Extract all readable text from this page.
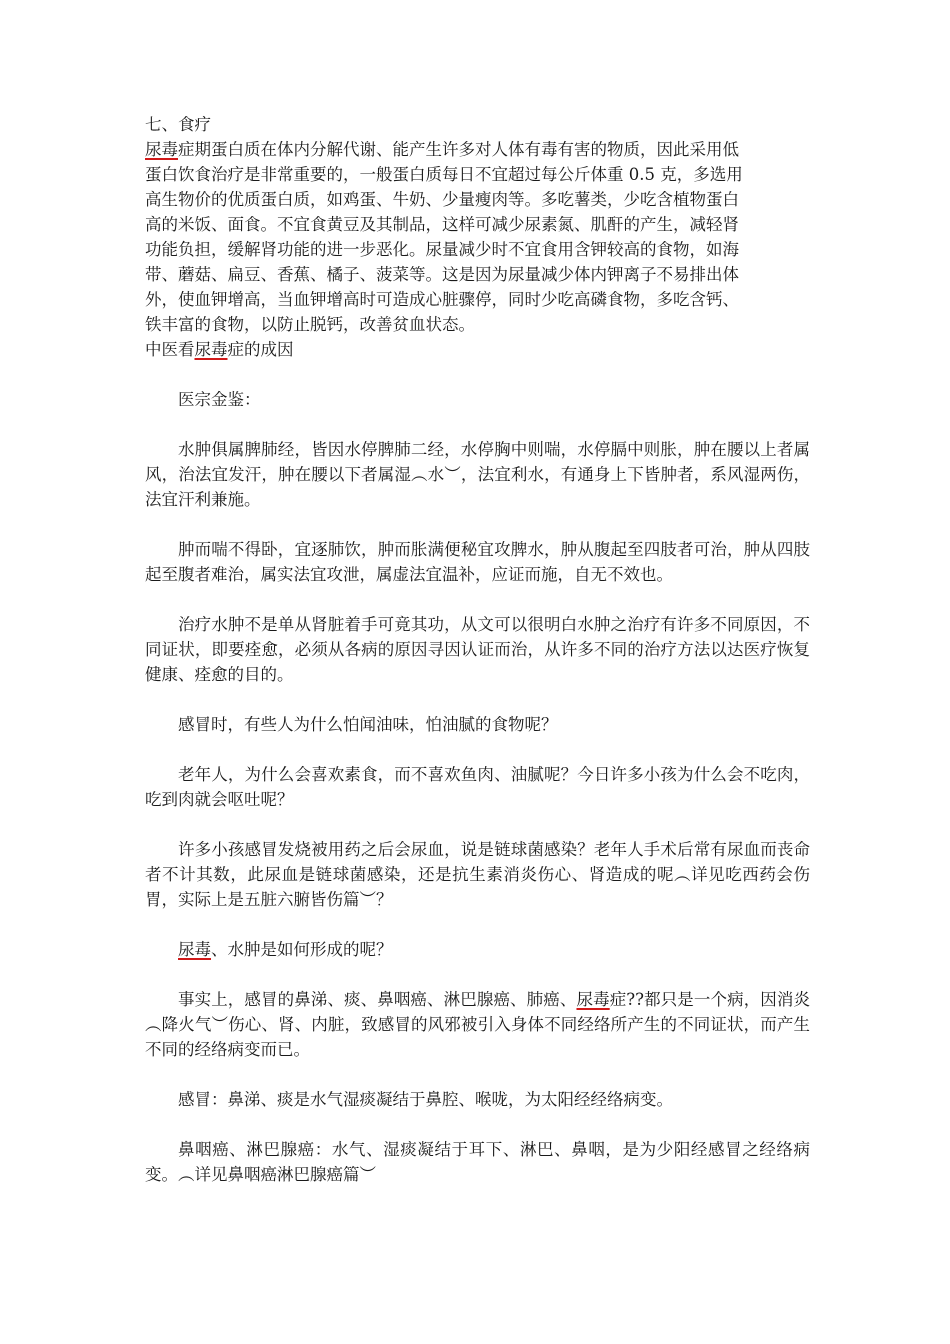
七、食疗
尿毒症期蛋白质在体内分解代谢、能产生许多对人体有毒有害的物质，因此采用低
蛋白饮食治疗是非常重要的，一般蛋白质每日不宜超过每公斤体重 0.5 克，多选用
高生物价的优质蛋白质，如鸡蛋、牛奶、少量瘦肉等。多吃薯类，少吃含植物蛋白
高的米饭、面食。不宜食黄豆及其制品，这样可减少尿素氮、肌酐的产生，减轻肾
功能负担，缓解肾功能的进一步恶化。尿量减少时不宜食用含钾较高的食物，如海
带、蘑菇、扁豆、香蕉、橘子、菠菜等。这是因为尿量减少体内钾离子不易排出体
外，使血钾增高，当血钾增高时可造成心脏骤停，同时少吃高磷食物，多吃含钙、
铁丰富的食物，以防止脱钙，改善贫血状态。
中医看尿毒症的成因
医宗金鉴：
水肿俱属脾肺经，皆因水停脾肺二经，水停胸中则喘，水停膈中则胀，肿在腰以上者属风，治法宜发汗，肿在腰以下者属湿︵水︶，法宜利水，有通身上下皆肿者，系风湿两伤，法宜汗利兼施。
肿而喘不得卧，宜逐肺饮，肿而胀满便秘宜攻脾水，肿从腹起至四肢者可治，肿从四肢起至腹者难治，属实法宜攻泄，属虚法宜温补，应证而施，自无不效也。
治疗水肿不是单从肾脏着手可竟其功，从文可以很明白水肿之治疗有许多不同原因，不同证状，即要痊愈，必须从各病的原因寻因认证而治，从许多不同的治疗方法以达医疗恢复健康、痊愈的目的。
感冒时，有些人为什么怕闻油味，怕油腻的食物呢？
老年人，为什么会喜欢素食，而不喜欢鱼肉、油腻呢？今日许多小孩为什么会不吃肉，吃到肉就会呕吐呢？
许多小孩感冒发烧被用药之后会尿血，说是链球菌感染？老年人手术后常有尿血而丧命者不计其数，此尿血是链球菌感染，还是抗生素消炎伤心、肾造成的呢︵详见吃西药会伤胃，实际上是五脏六腑皆伤篇︶？
尿毒、水肿是如何形成的呢？
事实上，感冒的鼻涕、痰、鼻咽癌、淋巴腺癌、肺癌、尿毒症??都只是一个病，因消炎︵降火气︶伤心、肾、内脏，致感冒的风邪被引入身体不同经络所产生的不同证状，而产生不同的经络病变而已。
感冒：鼻涕、痰是水气湿痰凝结于鼻腔、喉咙，为太阳经经络病变。
鼻咽癌、淋巴腺癌：水气、湿痰凝结于耳下、淋巴、鼻咽，是为少阳经感冒之经络病变。︵详见鼻咽癌淋巴腺癌篇︶
